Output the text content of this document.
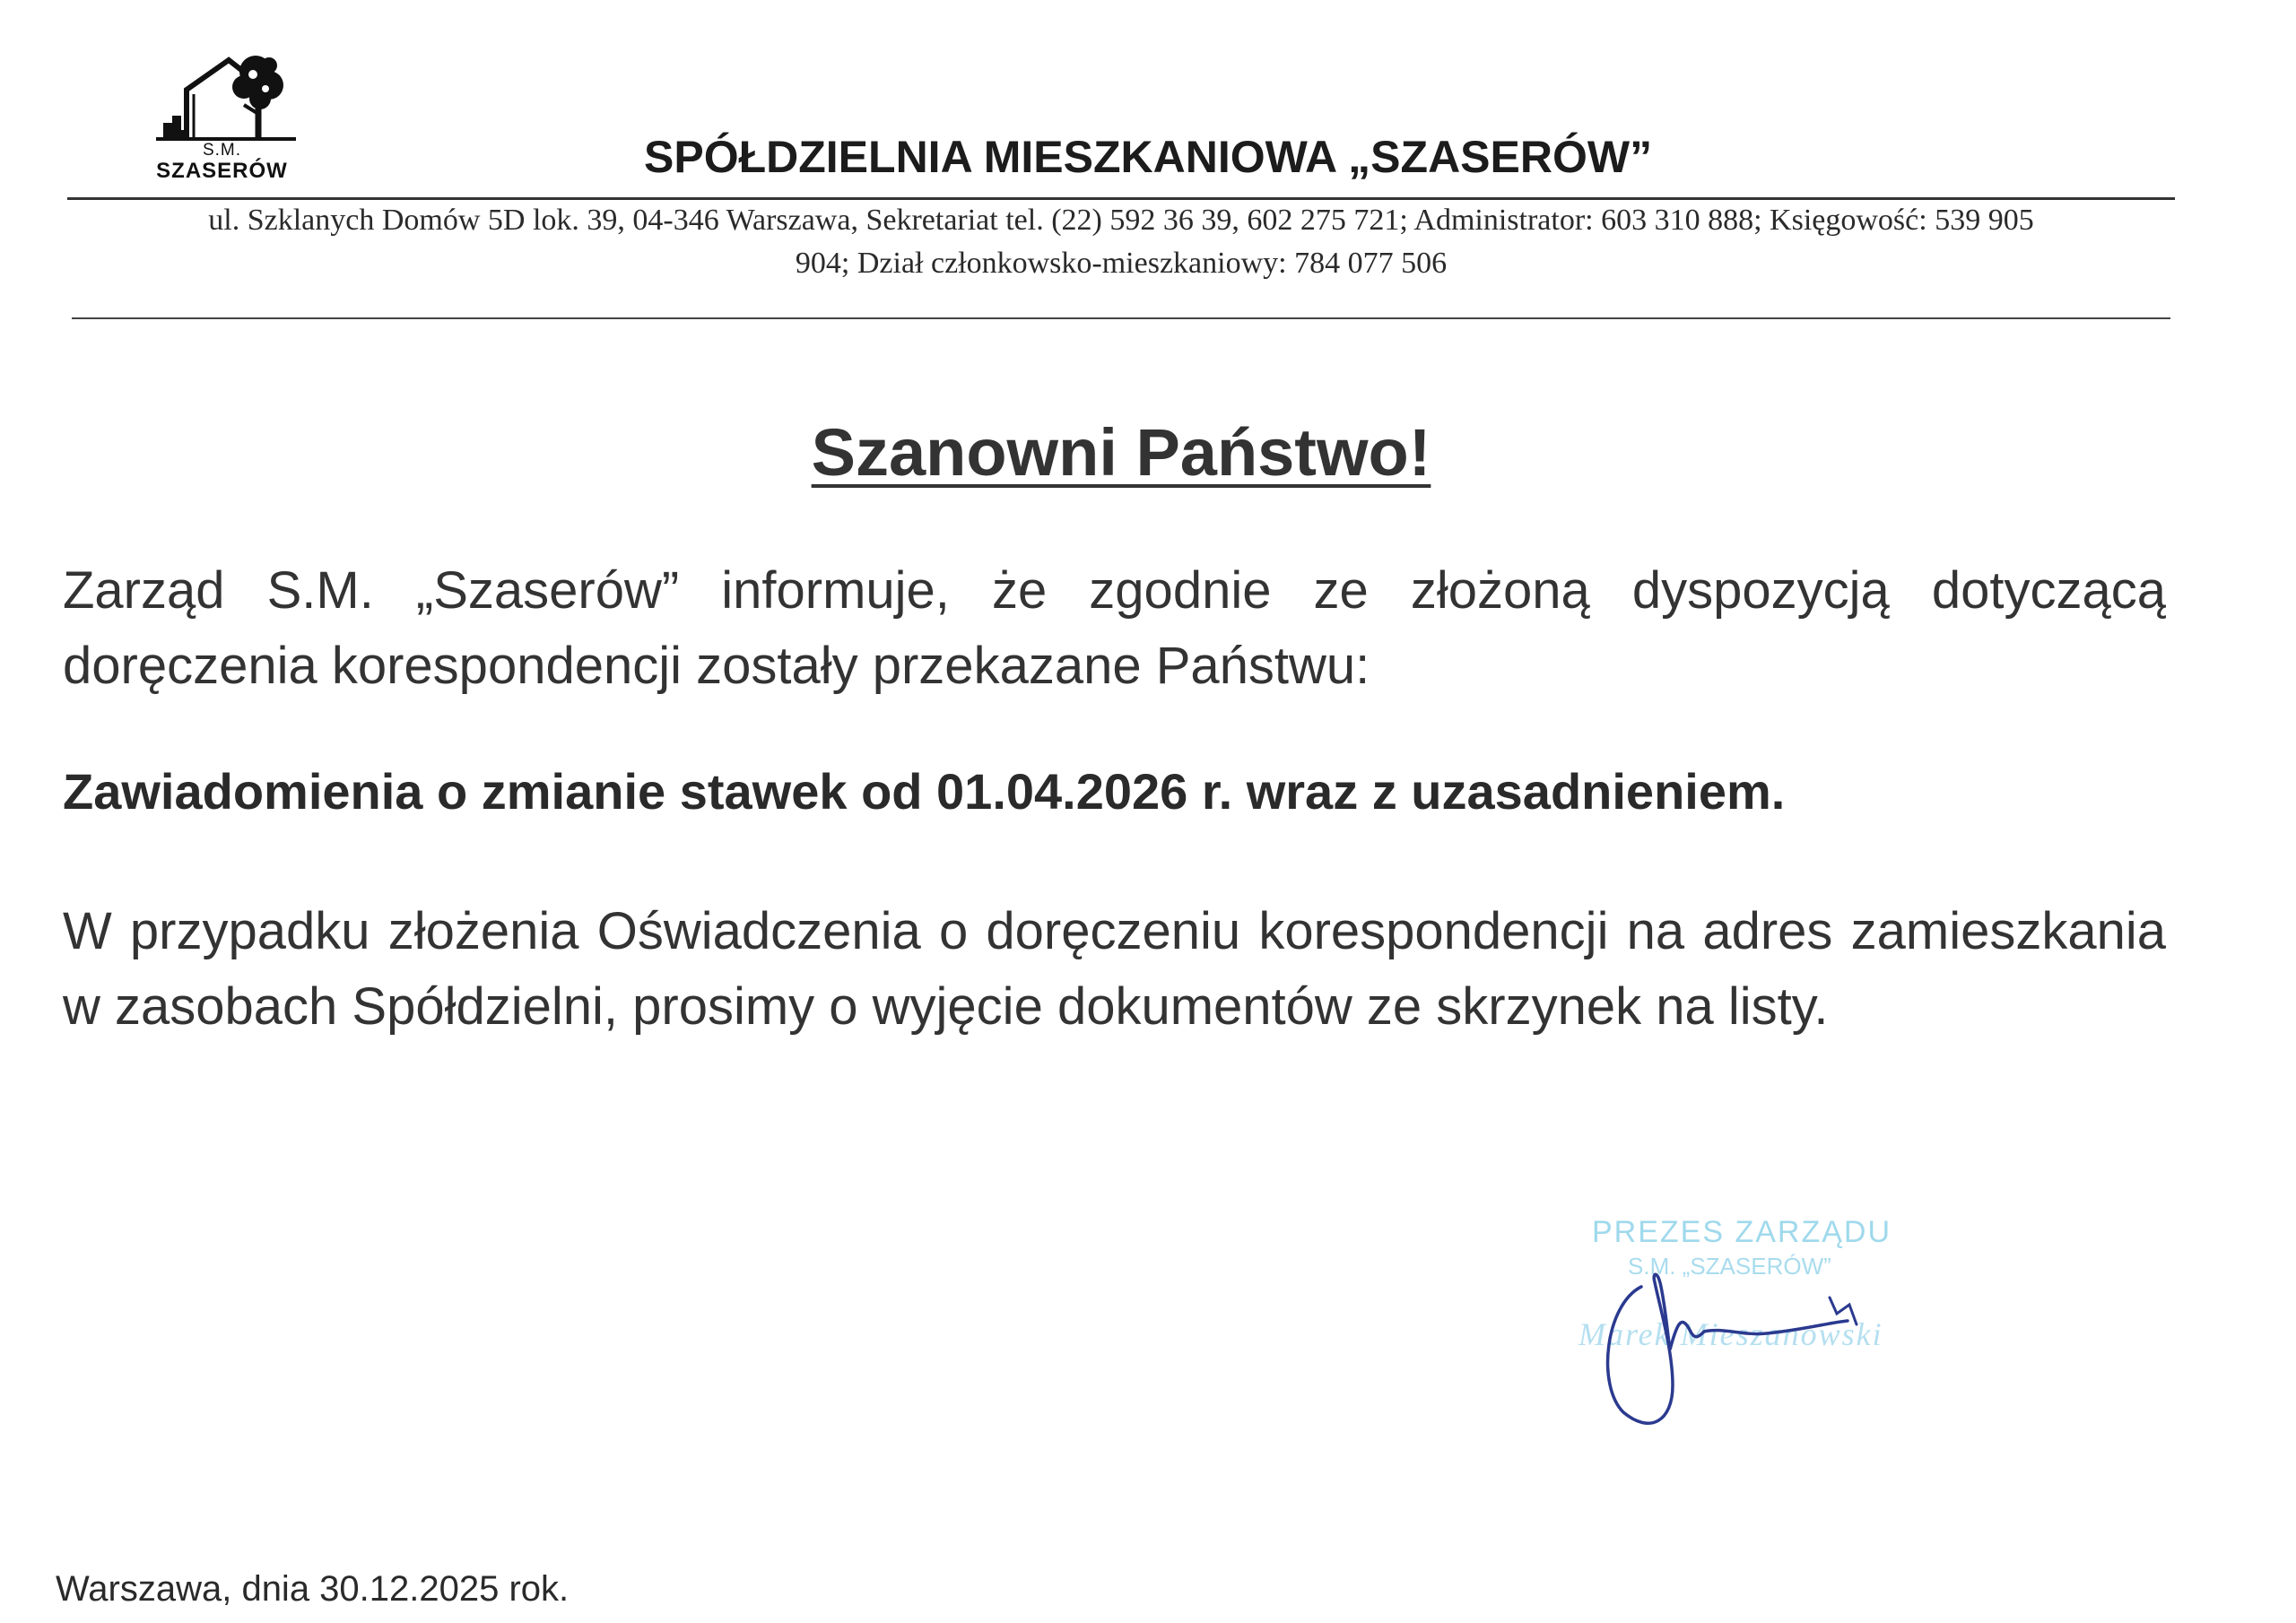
S.M.
SZASERÓW	SPÓŁDZIELNIA MIESZKANIOWA „SZASERÓW”
ul. Szklanych Domów 5D lok. 39, 04-346 Warszawa, Sekretariat tel. (22) 592 36 39, 602 275 721; Administrator: 603 310 888; Księgowość: 539 905
904; Dział członkowsko-mieszkaniowy: 784 077 506
Szanowni Państwo!
Zarząd S.M. „Szaserów” informuje, że zgodnie ze złożoną dyspozycją dotyczącą doręczenia korespondencji zostały przekazane Państwu:
Zawiadomienia o zmianie stawek od 01.04.2026 r. wraz z uzasadnieniem.
W przypadku złożenia Oświadczenia o doręczeniu korespondencji na adres zamieszkania w zasobach Spółdzielni, prosimy o wyjęcie dokumentów ze skrzynek na listy.
PREZES ZARZĄDU
S.M. „SZASERÓW”
Marek Mieszanowski
Warszawa, dnia 30.12.2025 rok.
